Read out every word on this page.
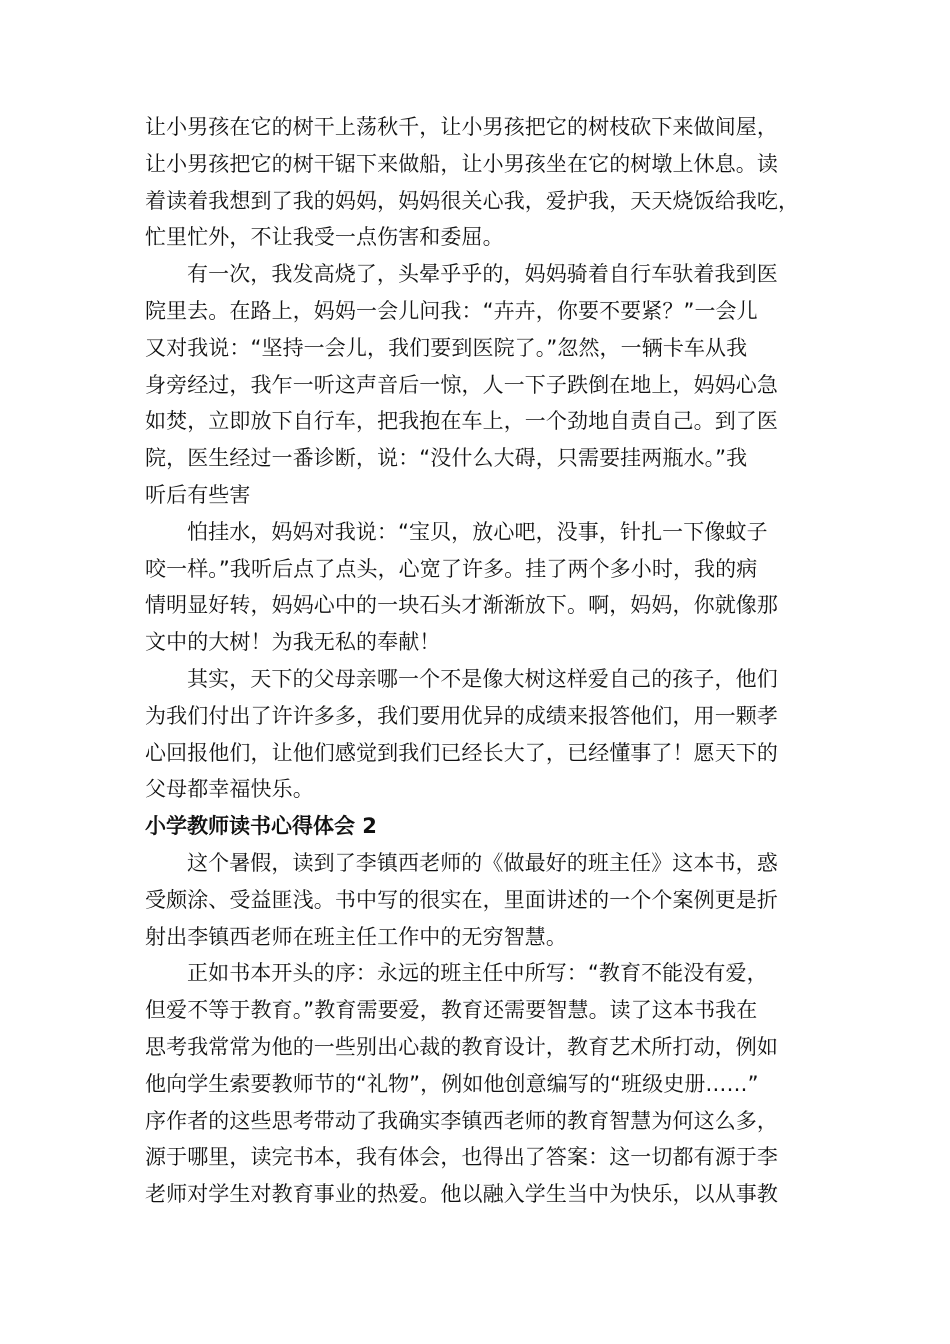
让小男孩在它的树干上荡秋千，让小男孩把它的树枝砍下来做间屋，
让小男孩把它的树干锯下来做船，让小男孩坐在它的树墩上休息。读
着读着我想到了我的妈妈，妈妈很关心我，爱护我，天天烧饭给我吃，
忙里忙外，不让我受一点伤害和委屈。
有一次，我发高烧了，头晕乎乎的，妈妈骑着自行车驮着我到医
院里去。在路上，妈妈一会儿问我：“卉卉，你要不要紧？”一会儿
又对我说：“坚持一会儿，我们要到医院了。”忽然，一辆卡车从我
身旁经过，我乍一听这声音后一惊，人一下子跌倒在地上，妈妈心急
如焚，立即放下自行车，把我抱在车上，一个劲地自责自己。到了医
院，医生经过一番诊断，说：“没什么大碍，只需要挂两瓶水。”我
听后有些害
怕挂水，妈妈对我说：“宝贝，放心吧，没事，针扎一下像蚊子
咬一样。”我听后点了点头，心宽了许多。挂了两个多小时，我的病
情明显好转，妈妈心中的一块石头才渐渐放下。啊，妈妈，你就像那
文中的大树！为我无私的奉献！
其实，天下的父母亲哪一个不是像大树这样爱自己的孩子，他们
为我们付出了许许多多，我们要用优异的成绩来报答他们，用一颗孝
心回报他们，让他们感觉到我们已经长大了，已经懂事了！愿天下的
父母都幸福快乐。
小学教师读书心得体会 2
这个暑假，读到了李镇西老师的《做最好的班主任》这本书，惑
受颇涂、受益匪浅。书中写的很实在，里面讲述的一个个案例更是折
射出李镇西老师在班主任工作中的无穷智慧。
正如书本开头的序：永远的班主任中所写：“教育不能没有爱，
但爱不等于教育。”教育需要爱，教育还需要智慧。读了这本书我在
思考我常常为他的一些别出心裁的教育设计，教育艺术所打动，例如
他向学生索要教师节的“礼物”，例如他创意编写的“班级史册……”
序作者的这些思考带动了我确实李镇西老师的教育智慧为何这么多，
源于哪里，读完书本，我有体会，也得出了答案：这一切都有源于李
老师对学生对教育事业的热爱。他以融入学生当中为快乐，以从事教
